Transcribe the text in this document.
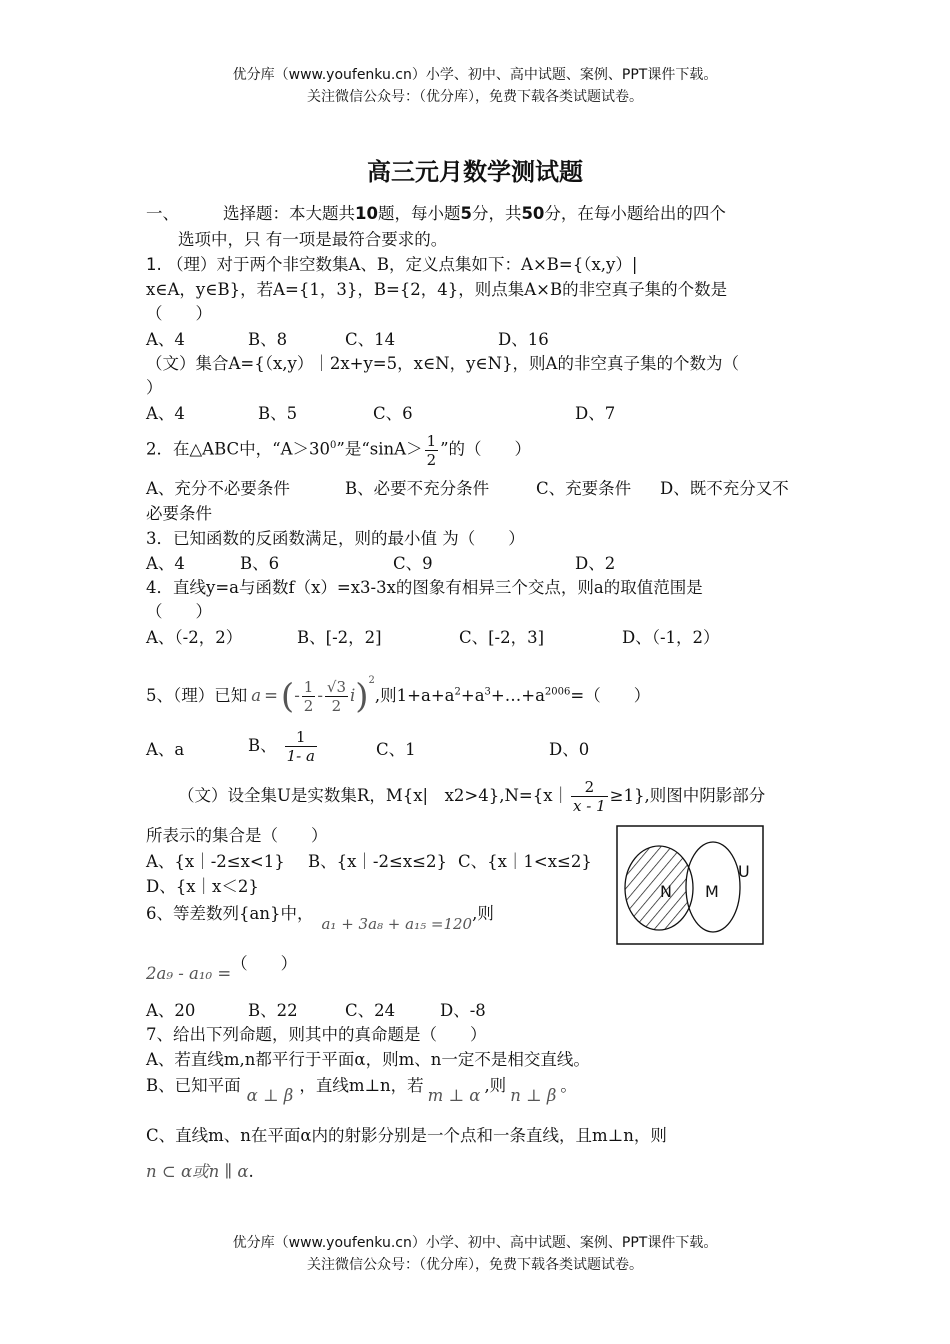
优分库（www.youfenku.cn）小学、初中、高中试题、案例、PPT课件下载。
关注微信公众号：（优分库），免费下载各类试题试卷。
高三元月数学测试题
一、	选择题：本大题共10题，每小题5分，共50分，在每小题给出的四个
选项中，只 有一项是最符合要求的。
1. （理）对于两个非空数集A、B，定义点集如下：A×B={（x,y）|
x∈A，y∈B}，若A={1，3}，B={2，4}，则点集A×B的非空真子集的个数是
（　　）
A、4	B、8	C、14	D、16
（文）集合A={（x,y）｜2x+y=5，x∈N，y∈N}，则A的非空真子集的个数为（
）
A、4	B、5	C、6	D、7
2．在△ABC中，“$A>30^0$”是“$\sin A> \frac{1}{2}$ ”的（　　）
A、充分不必要条件	B、必要不充分条件	C、充要条件 D、既不充分又不
必要条件
3．已知函数的反函数满足，则的最小值 为（　　）
A、4	B、6	C、9	D、2
4．直线y=a与函数f（x）=x3-3x的图象有相异三个交点，则a的取值范围是
（　　）
A、（-2，2）	B、[-2，2]	C、[-2，3]	D、（-1，2）
5、（理）已知 a =(- $\frac{1}{2} - \frac{√3}{2} i)^2$,则$1+a+a^2+a^3+\dots+a^{2006}=$（　　）
A、a	B、 $\frac{1}{1- a}$	C、1	D、0
（文）设全集U是实数集R，M{x|　x2>4},N={x｜ $\frac{2}{x - 1} \ge 1$},则图中阴影部分
所表示的集合是（　　）
A、{x｜-2≤x<1} B、{x｜-2≤x≤2} C、{x｜1<x≤2}
D、{x｜x＜2}	N M
U
6、等差数列{an}中，a₁ + 3a₈ + a₁₅ =120,则
2a₉ - a₁₀ =（　　）
A、20	B、22	C、24	D、-8
7、给出下列命题，则其中的真命题是（　　）
A、若直线m,n都平行于平面α，则m、n一定不是相交直线。
B、已知平面α ⊥ β，直线m⊥n，若m ⊥ α,则n ⊥ β。
C、直线m、n在平面α内的射影分别是一个点和一条直线，且m⊥n，则
n ⊂ α或n ∥ α.
优分库（www.youfenku.cn）小学、初中、高中试题、案例、PPT课件下载。
关注微信公众号：（优分库），免费下载各类试题试卷。
